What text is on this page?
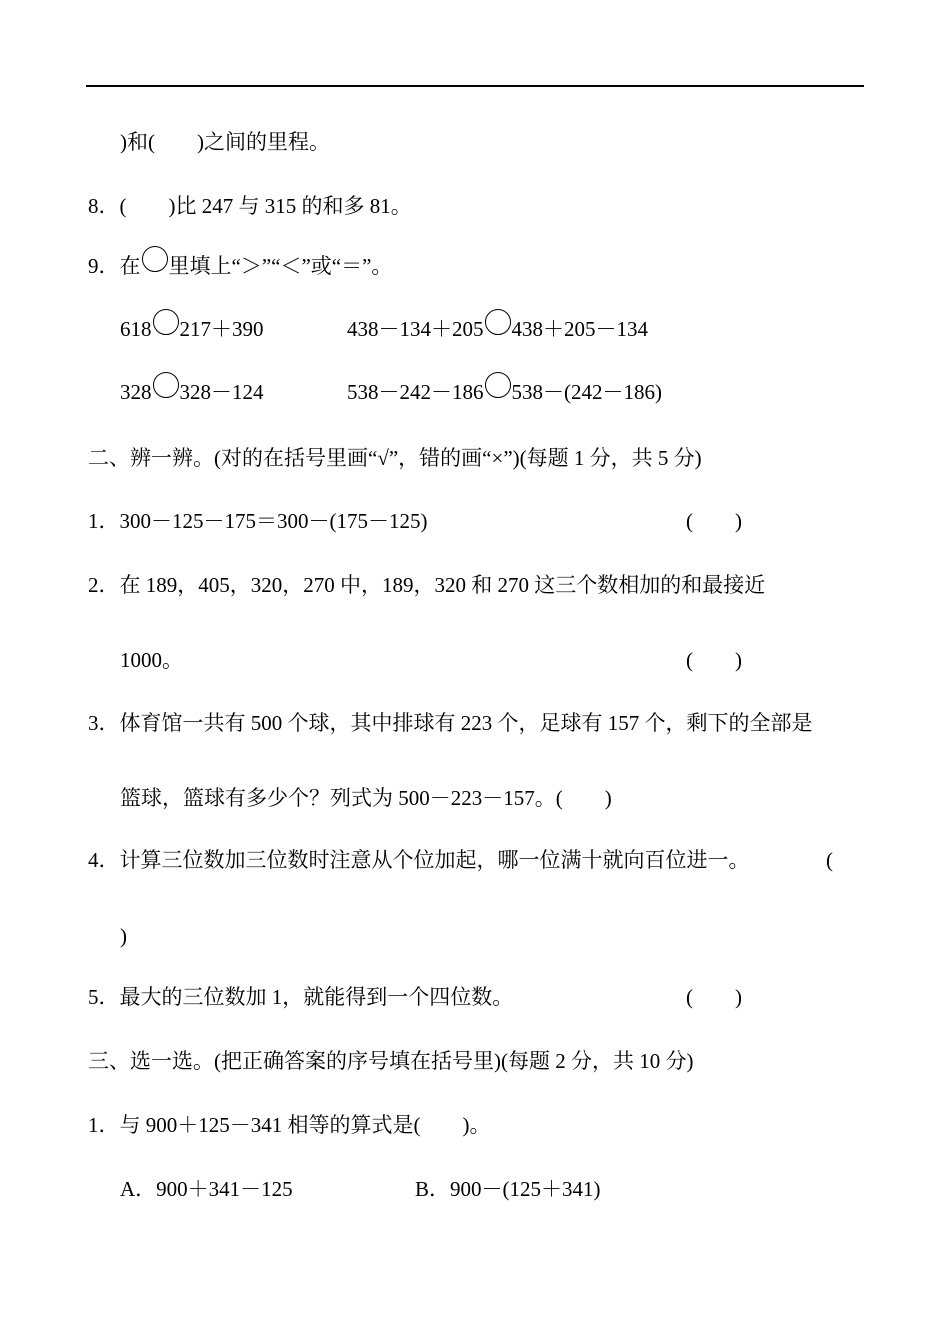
)和(　　)之间的里程。
8．(　　)比 247 与 315 的和多 81。
9．在 里填上“＞”“＜”或“＝”。
618 217＋390	438－134＋205 438＋205－134
328 328－124	538－242－186 538－(242－186)
二、辨一辨。(对的在括号里画“√”，错的画“×”)(每题 1 分，共 5 分)
1．300－125－175＝300－(175－125)	(　　)
2．在 189，405，320，270 中，189，320 和 270 这三个数相加的和最接近
1000。	(　　)
3．体育馆一共有 500 个球，其中排球有 223 个，足球有 157 个，剩下的全部是
篮球，篮球有多少个？列式为 500－223－157。(　　)
4．计算三位数加三位数时注意从个位加起，哪一位满十就向百位进一。	(
)
5．最大的三位数加 1，就能得到一个四位数。	(　　)
三、选一选。(把正确答案的序号填在括号里)(每题 2 分，共 10 分)
1．与 900＋125－341 相等的算式是(　　)。
A．900＋341－125	B．900－(125＋341)
